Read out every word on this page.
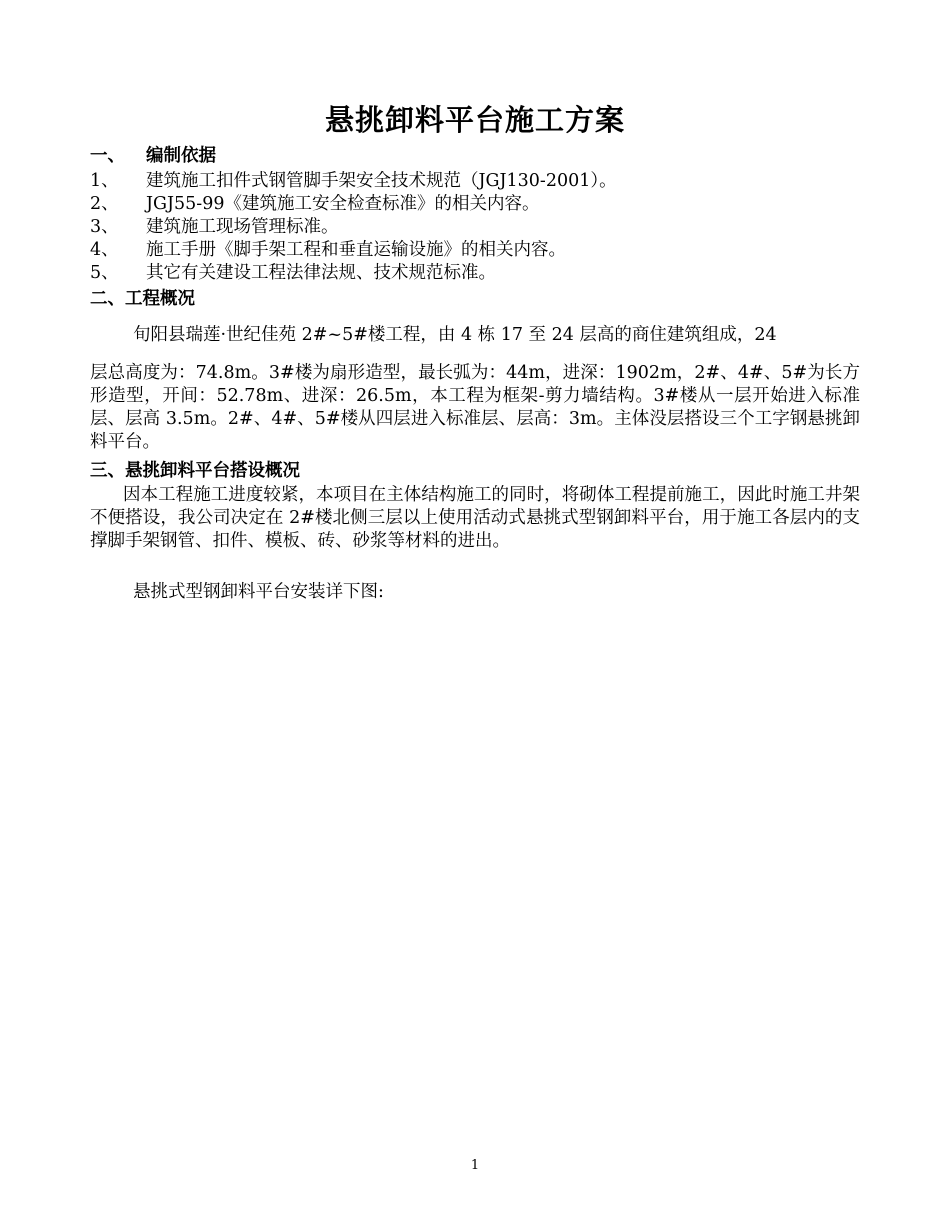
悬挑卸料平台施工方案
一、 编制依据
1、 建筑施工扣件式钢管脚手架安全技术规范（JGJ130-2001）。
2、 JGJ55-99《建筑施工安全检查标准》的相关内容。
3、 建筑施工现场管理标准。
4、 施工手册《脚手架工程和垂直运输设施》的相关内容。
5、 其它有关建设工程法律法规、技术规范标准。
二、工程概况
旬阳县瑞莲·世纪佳苑 2#~5#楼工程，由 4 栋 17 至 24 层高的商住建筑组成，24
层总高度为：74.8m。3#楼为扇形造型，最长弧为：44m，进深：1902m，2#、4#、5#为长方形造型，开间：52.78m、进深：26.5m，本工程为框架-剪力墙结构。3#楼从一层开始进入标准层、层高 3.5m。2#、4#、5#楼从四层进入标准层、层高：3m。主体没层搭设三个工字钢悬挑卸料平台。
三、悬挑卸料平台搭设概况
因本工程施工进度较紧，本项目在主体结构施工的同时，将砌体工程提前施工，因此时施工井架不便搭设，我公司决定在 2#楼北侧三层以上使用活动式悬挑式型钢卸料平台，用于施工各层内的支撑脚手架钢管、扣件、模板、砖、砂浆等材料的进出。
悬挑式型钢卸料平台安装详下图:
1
